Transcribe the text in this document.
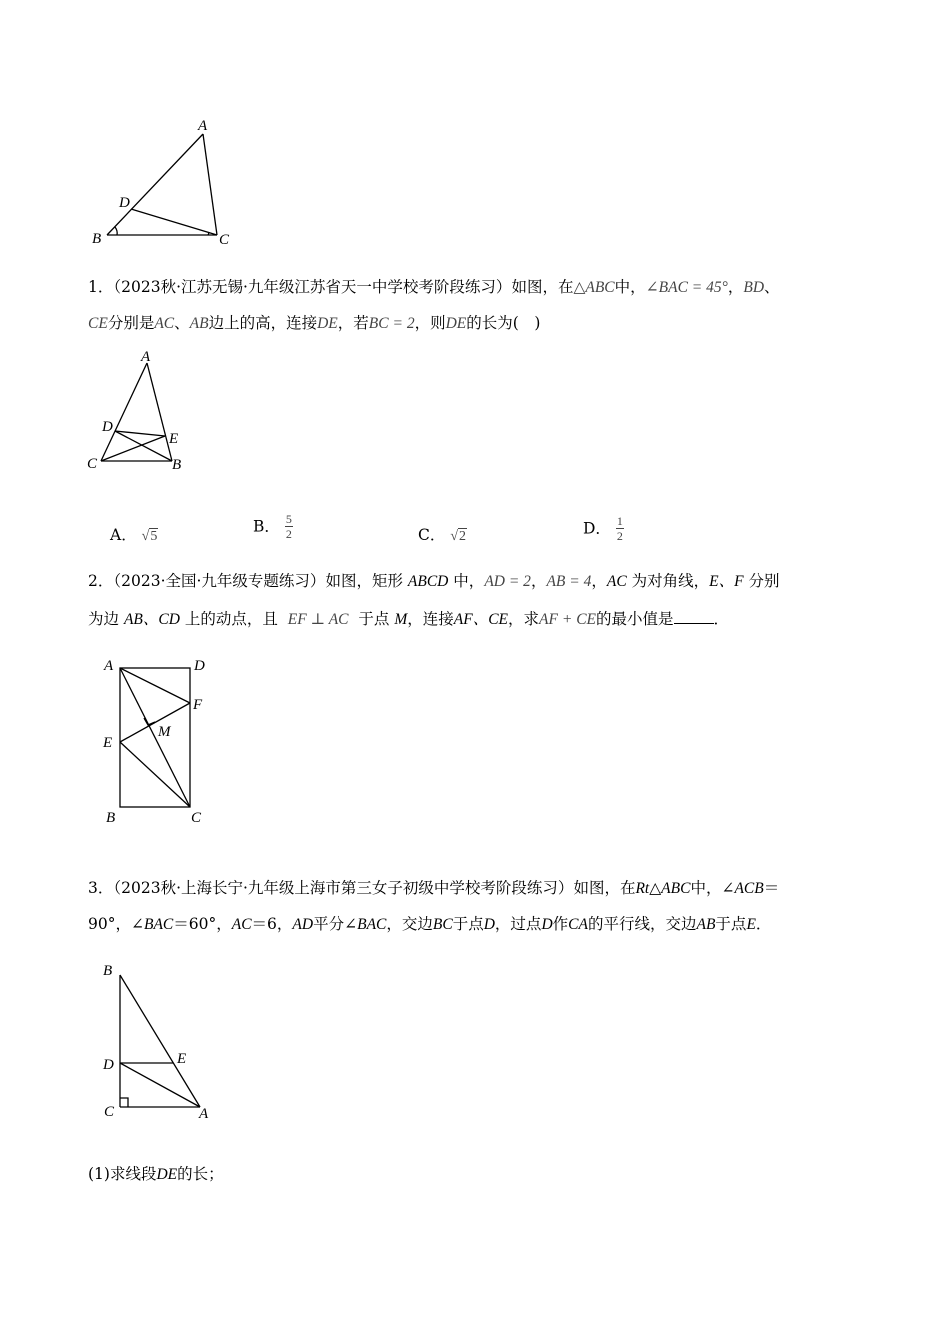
A
B	C
D
1．（2023秋·江苏无锡·九年级江苏省天一中学校考阶段练习）如图，在△ABC中，∠BAC = 45°，BD、
CE分别是AC、AB边上的高，连接DE，若BC = 2，则DE的长为(　)
A
C	B
D
E
A． √5
B． $\frac{5}{2}$	C． √2	D． $\frac{1}{2}$
2．（2023·全国·九年级专题练习）如图，矩形 ABCD 中，AD = 2，AB = 4，AC 为对角线，E、F 分别
为边 AB、CD 上的动点，且 EF ⊥ AC 于点 M，连接AF、CE，求AF + CE的最小值是	．
A	D
F
M
E
B	C
3．（2023秋·上海长宁·九年级上海市第三女子初级中学校考阶段练习）如图，在Rt△ABC中，∠ACB＝
90°，∠BAC＝60°，AC＝6，AD平分∠BAC，交边BC于点D，过点D作CA的平行线，交边AB于点E．
B
D	E
C	A
(1)求线段DE的长；
